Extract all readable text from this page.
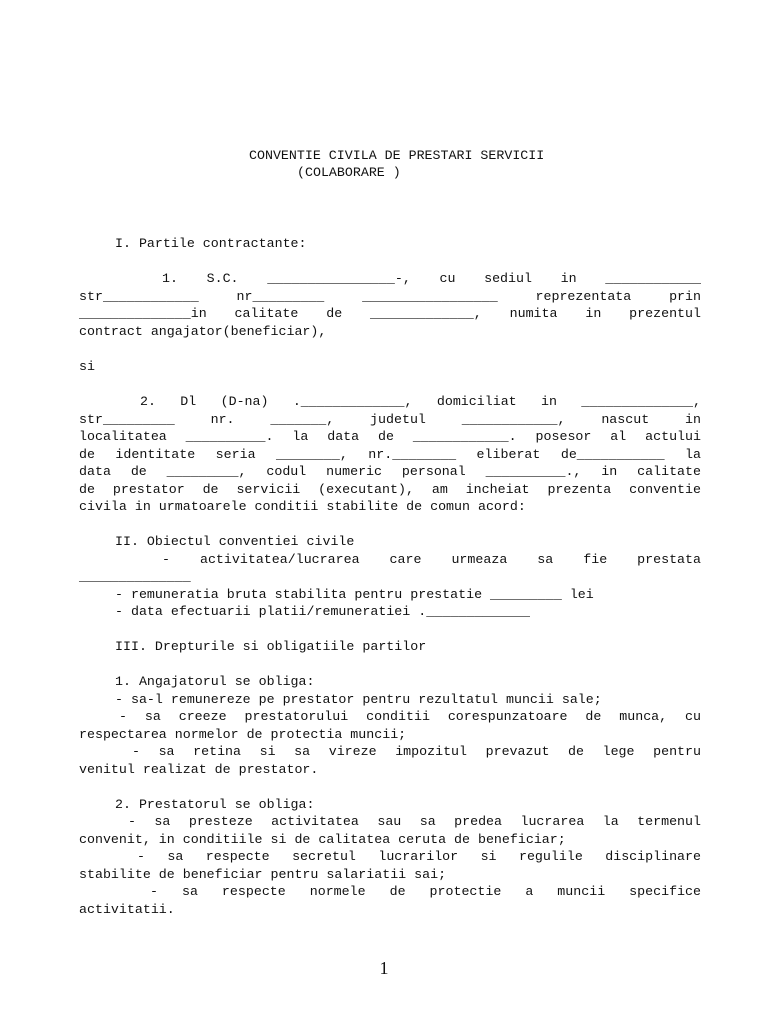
CONVENTIE CIVILA DE PRESTARI SERVICII

(COLABORARE )

I. Partile contractante:

1. S.C. ________________-, cu sediul in ____________

str____________ nr_________ _________________ reprezentata prin

______________in calitate de _____________, numita in prezentul

contract angajator(beneficiar),

si

2. Dl (D-na) ._____________, domiciliat in ______________,

str_________ nr. _______, judetul ____________, nascut in

localitatea __________. la data de ____________. posesor al actului

de identitate seria ________, nr.________ eliberat de___________ la

data de _________, codul numeric personal __________., in calitate

de prestator de servicii (executant), am incheiat prezenta conventie

civila in urmatoarele conditii stabilite de comun acord:

II. Obiectul conventiei civile

- activitatea/lucrarea care urmeaza sa fie prestata

______________

- remuneratia bruta stabilita pentru prestatie _________ lei

- data efectuarii platii/remuneratiei ._____________

III. Drepturile si obligatiile partilor

1. Angajatorul se obliga:

- sa-l remunereze pe prestator pentru rezultatul muncii sale;

- sa creeze prestatorului conditii corespunzatoare de munca, cu

respectarea normelor de protectia muncii;

- sa retina si sa vireze impozitul prevazut de lege pentru

venitul realizat de prestator.

2. Prestatorul se obliga:

- sa presteze activitatea sau sa predea lucrarea la termenul

convenit, in conditiile si de calitatea ceruta de beneficiar;

- sa respecte secretul lucrarilor si regulile disciplinare

stabilite de beneficiar pentru salariatii sai;

- sa respecte normele de protectie a muncii specifice

activitatii.

1
